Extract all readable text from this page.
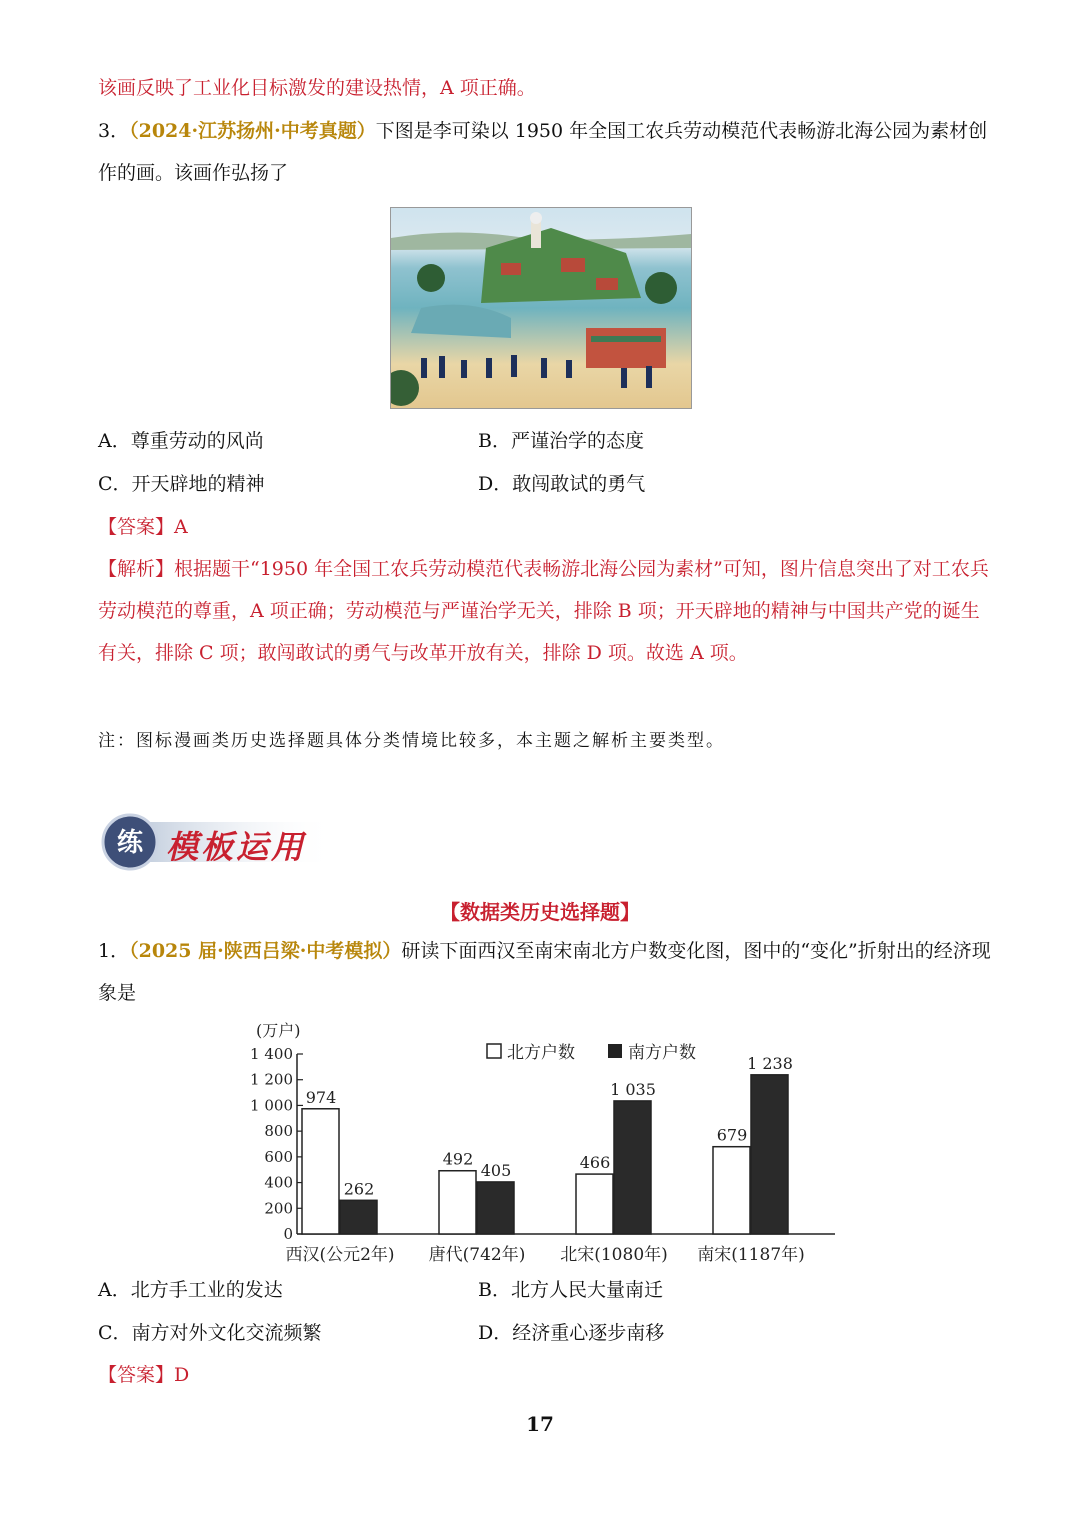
该画反映了工业化目标激发的建设热情，A 项正确。
3．（2024·江苏扬州·中考真题）下图是李可染以 1950 年全国工农兵劳动模范代表畅游北海公园为素材创
作的画。该画作弘扬了
A．尊重劳动的风尚	B．严谨治学的态度
C．开天辟地的精神	D．敢闯敢试的勇气
【答案】A
【解析】根据题干“1950 年全国工农兵劳动模范代表畅游北海公园为素材”可知，图片信息突出了对工农兵
劳动模范的尊重，A 项正确；劳动模范与严谨治学无关，排除 B 项；开天辟地的精神与中国共产党的诞生
有关，排除 C 项；敢闯敢试的勇气与改革开放有关，排除 D 项。故选 A 项。
注：图标漫画类历史选择题具体分类情境比较多，本主题之解析主要类型。
练 模板运用
【数据类历史选择题】
1．（2025 届·陕西吕梁·中考模拟）研读下面西汉至南宋南北方户数变化图，图中的“变化”折射出的经济现
象是
(万户)
0
200
400
600
800
1 000
1 200
1 400
974
262
492
405	466
1 035
679
1 238
西汉(公元2年) 唐代(742年) 北宋(1080年) 南宋(1187年)
北方户数	南方户数
A．北方手工业的发达	B．北方人民大量南迁
C．南方对外文化交流频繁	D．经济重心逐步南移
【答案】D
17
